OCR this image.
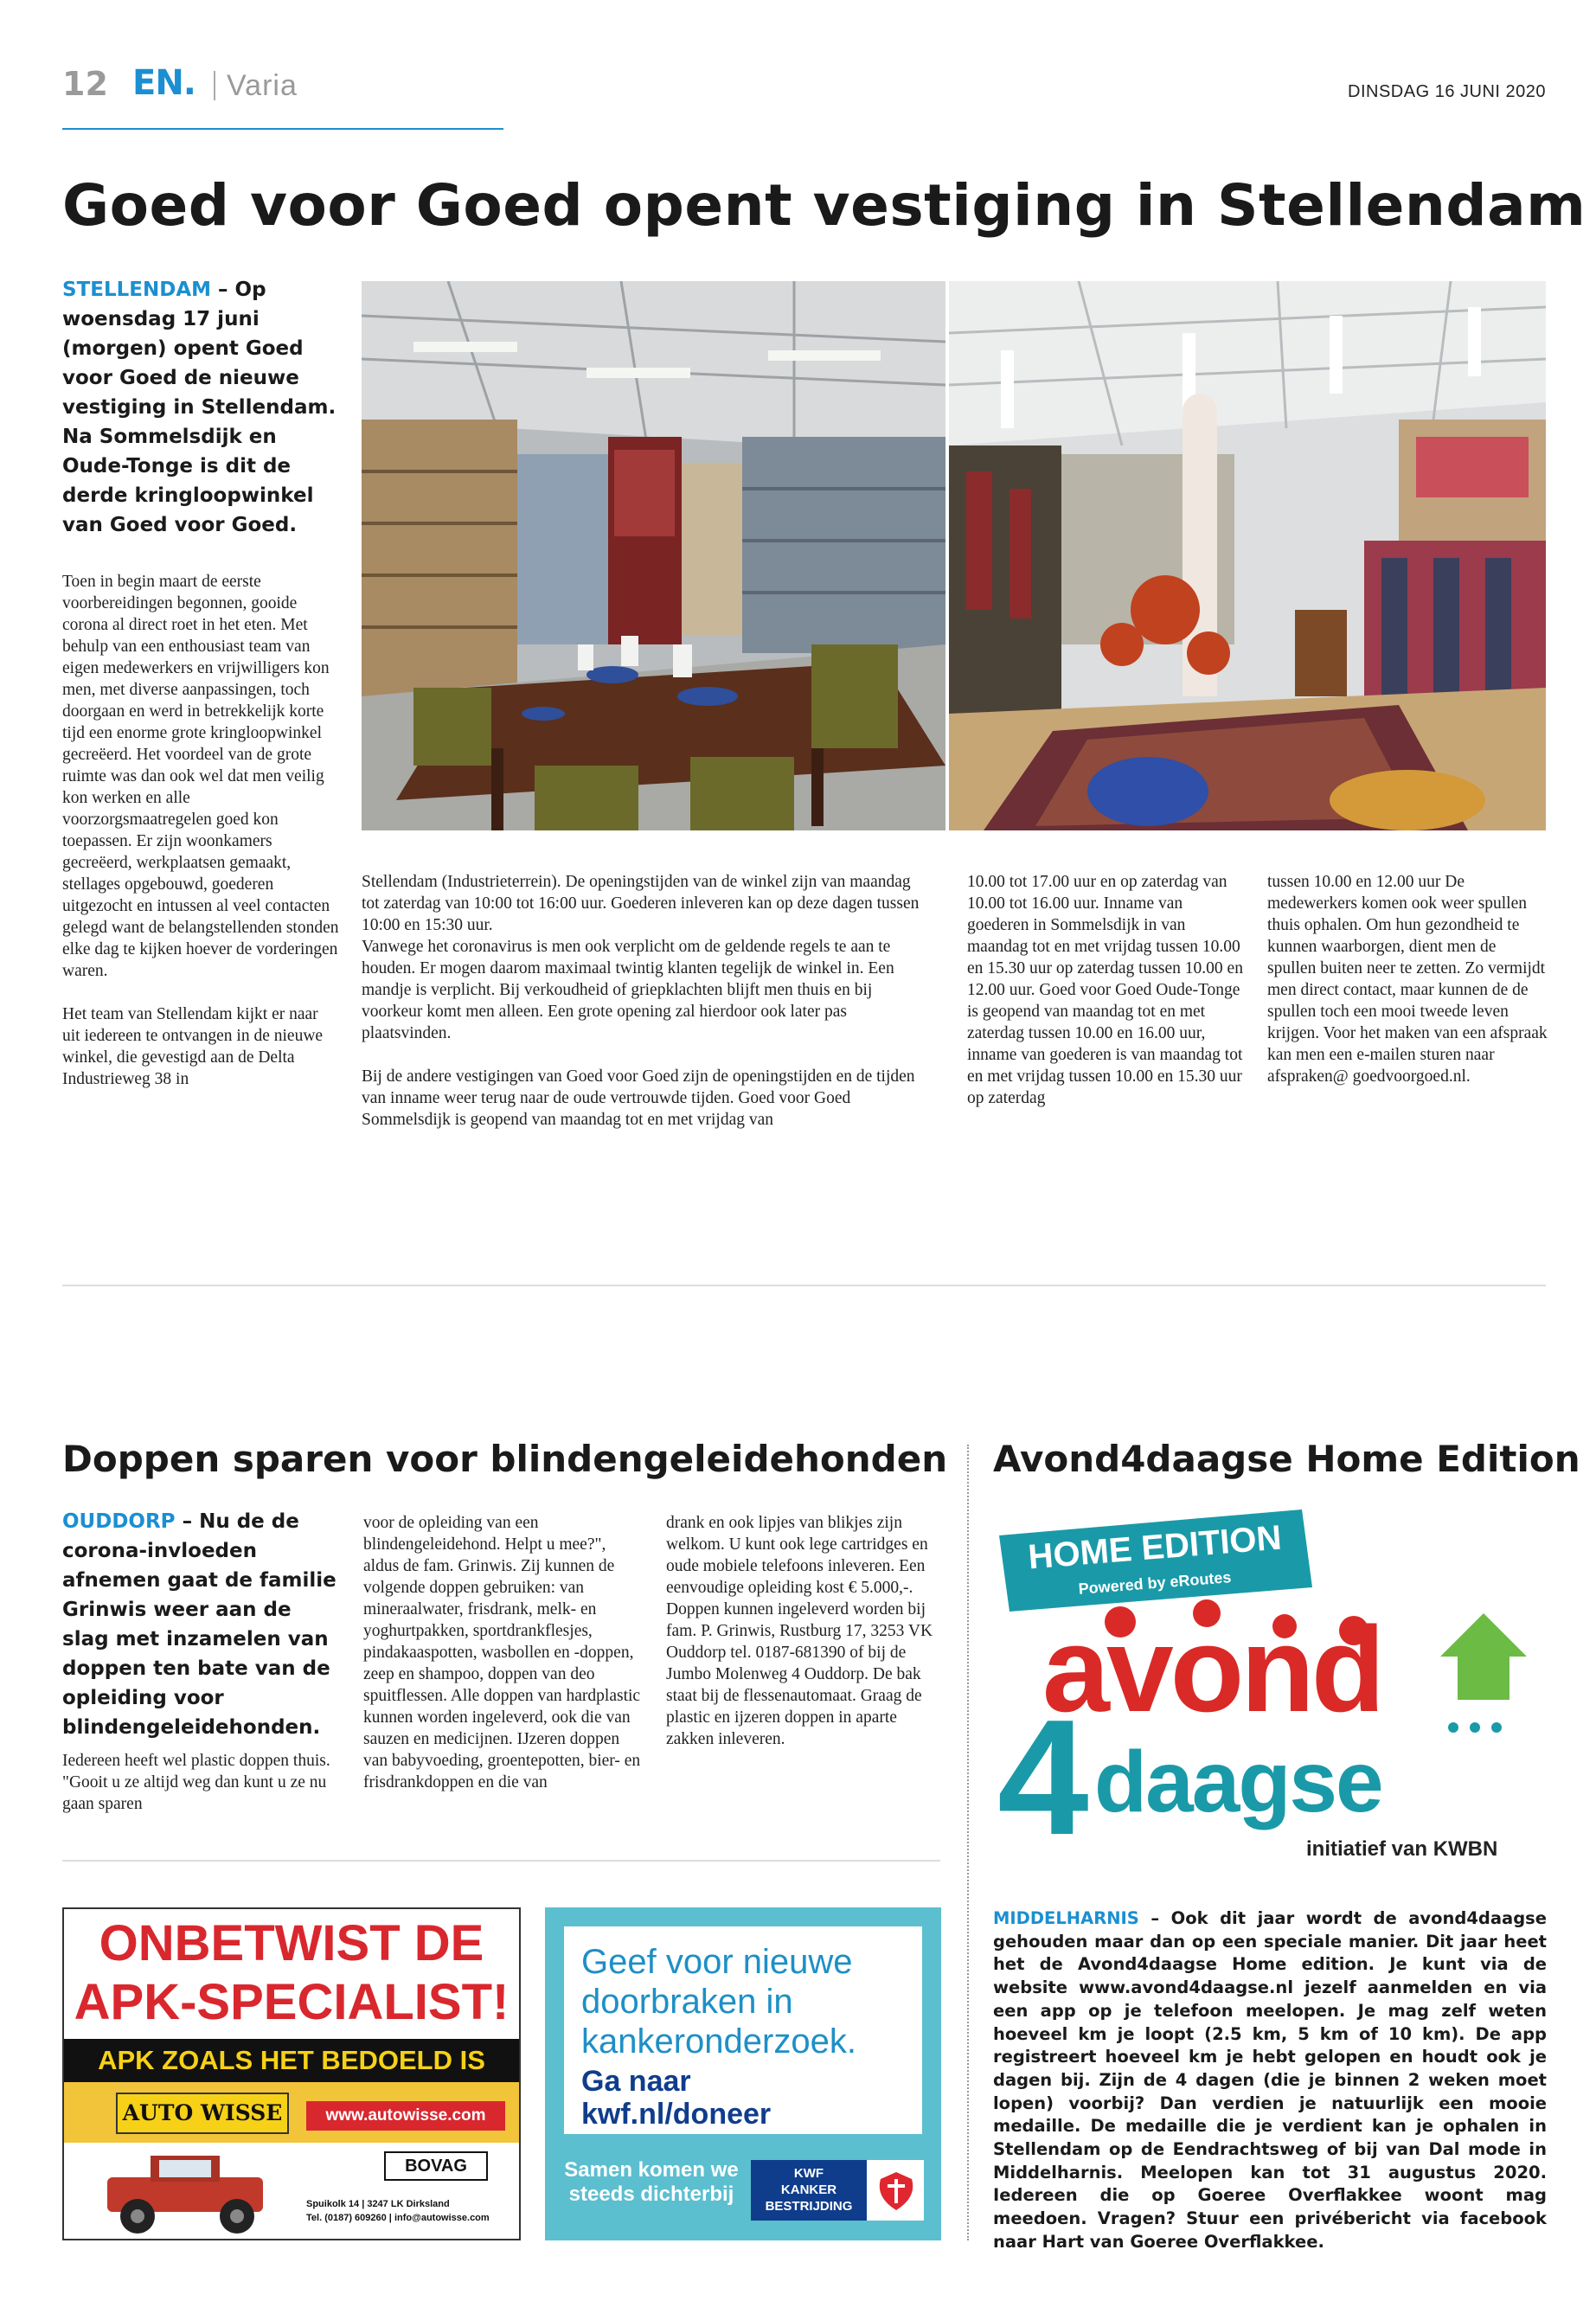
12 EN. Varia	DINSDAG 16 JUNI 2020
Goed voor Goed opent vestiging in Stellendam
STELLENDAM – Op woensdag 17 juni (morgen) opent Goed voor Goed de nieuwe vestiging in Stellendam. Na Sommelsdijk en Oude-Tonge is dit de derde kringloopwinkel van Goed voor Goed.

Toen in begin maart de eerste voorbereidingen begonnen, gooide corona al direct roet in het eten. Met behulp van een enthousiast team van eigen medewerkers en vrijwilligers kon men, met diverse aanpassingen, toch doorgaan en werd in betrekkelijk korte tijd een enorme grote kringloopwinkel gecreëerd. Het voordeel van de grote ruimte was dan ook wel dat men veilig kon werken en alle voorzorgsmaatregelen goed kon toepassen. Er zijn woonkamers gecreëerd, werkplaatsen gemaakt, stellages opgebouwd, goederen uitgezocht en intussen al veel contacten gelegd want de belangstellenden stonden elke dag te kijken hoever de vorderingen waren.

Het team van Stellendam kijkt er naar uit iedereen te ontvangen in de nieuwe winkel, die gevestigd aan de Delta Industrieweg 38 in

Stellendam (Industrieterrein). De openingstijden van de winkel zijn van maandag tot zaterdag van 10:00 tot 16:00 uur. Goederen inleveren kan op deze dagen tussen 10:00 en 15:30 uur.

Vanwege het coronavirus is men ook verplicht om de geldende regels te aan te houden. Er mogen daarom maximaal twintig klanten tegelijk de winkel in. Een mandje is verplicht. Bij verkoudheid of griepklachten blijft men thuis en bij voorkeur komt men alleen. Een grote opening zal hierdoor ook later pas plaatsvinden.

Bij de andere vestigingen van Goed voor Goed zijn de openingstijden en de tijden van inname weer terug naar de oude vertrouwde tijden. Goed voor Goed Sommelsdijk is geopend van maandag tot en met vrijdag van
10.00 tot 17.00 uur en op zaterdag van 10.00 tot 16.00 uur. Inname van goederen in Sommelsdijk in van maandag tot en met vrijdag tussen 10.00 en 15.30 uur op zaterdag tussen 10.00 en 12.00 uur. Goed voor Goed Oude-Tonge is geopend van maandag tot en met zaterdag tussen 10.00 en 16.00 uur, inname van goederen is van maandag tot en met vrijdag tussen 10.00 en 15.30 uur op zaterdag
tussen 10.00 en 12.00 uur De medewerkers komen ook weer spullen thuis ophalen. Om hun gezondheid te kunnen waarborgen, dient men de spullen buiten neer te zetten. Zo vermijdt men direct contact, maar kunnen de de spullen toch een mooi tweede leven krijgen. Voor het maken van een afspraak kan men een e-mailen sturen naar afspraken@ goedvoorgoed.nl.
Doppen sparen voor blindengeleidehonden
OUDDORP – Nu de de corona-invloeden afnemen gaat de familie Grinwis weer aan de slag met inzamelen van doppen ten bate van de opleiding voor blindengeleidehonden.
Iedereen heeft wel plastic doppen thuis. "Gooit u ze altijd weg dan kunt u ze nu gaan sparen
voor de opleiding van een blindengeleidehond. Helpt u mee?", aldus de fam. Grinwis. Zij kunnen de volgende doppen gebruiken: van mineraalwater, frisdrank, melk- en yoghurtpakken, sportdrankflesjes, pindakaaspotten, wasbollen en -doppen, zeep en shampoo, doppen van deo spuitflessen. Alle doppen van hardplastic kunnen worden ingeleverd, ook die van sauzen en medicijnen. IJzeren doppen van babyvoeding, groentepotten, bier- en frisdrankdoppen en die van
drank en ook lipjes van blikjes zijn welkom. U kunt ook lege cartridges en oude mobiele telefoons inleveren. Een eenvoudige opleiding kost € 5.000,-. Doppen kunnen ingeleverd worden bij fam. P. Grinwis, Rustburg 17, 3253 VK Ouddorp tel. 0187-681390 of bij de Jumbo Molenweg 4 Ouddorp. De bak staat bij de flessenautomaat. Graag de plastic en ijzeren doppen in aparte zakken inleveren.
ONBETWIST DE
APK-SPECIALIST!
APK ZOALS HET BEDOELD IS
AUTO WISSE	www.autowisse.com
BOVAG
Spuikolk 14 | 3247 LK Dirksland
Tel. (0187) 609260 | info@autowisse.com
Geef voor nieuwe
doorbraken in
kankeronderzoek.
Ga naar
kwf.nl/doneer
Samen komen we
steeds dichterbij
KWF
KANKER
BESTRIJDING
Avond4daagse Home Edition
HOME EDITION
Powered by eRoutes
avond
4 daagse
initiatief van KWBN
MIDDELHARNIS – Ook dit jaar wordt de avond4daagse gehouden maar dan op een speciale manier. Dit jaar heet het de Avond4daagse Home edition. Je kunt via de website www.avond4daagse.nl jezelf aanmelden en via een app op je telefoon meelopen. Je mag zelf weten hoeveel km je loopt (2.5 km, 5 km of 10 km). De app registreert hoeveel km je hebt gelopen en houdt ook je dagen bij. Zijn de 4 dagen (die je binnen 2 weken moet lopen) voorbij? Dan verdien je natuurlijk een mooie medaille. De medaille die je verdient kan je ophalen in Stellendam op de Eendrachtsweg of bij van Dal mode in Middelharnis. Meelopen kan tot 31 augustus 2020. Iedereen die op Goeree Overflakkee woont mag meedoen. Vragen? Stuur een privébericht via facebook naar Hart van Goeree Overflakkee.
